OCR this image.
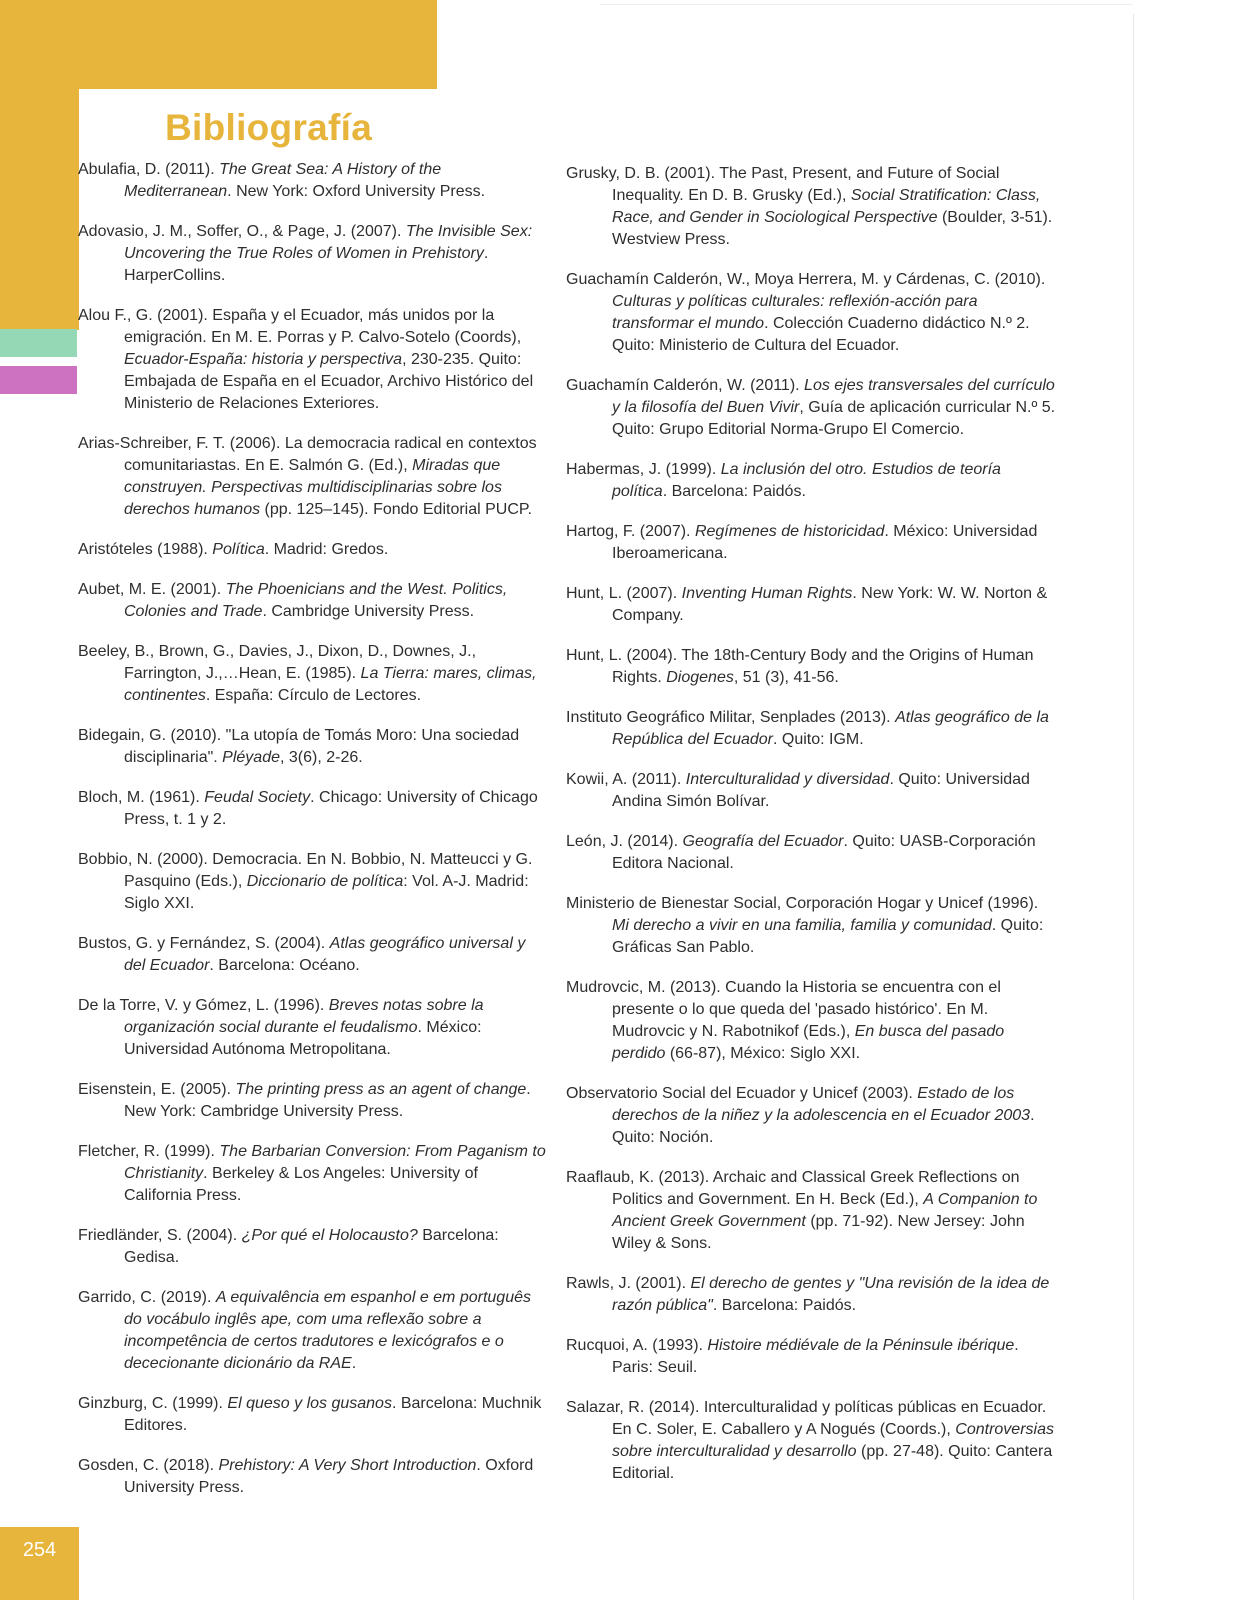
Bibliografía
Abulafia, D. (2011). The Great Sea: A History of the Mediterranean. New York: Oxford University Press.
Adovasio, J. M., Soffer, O., & Page, J. (2007). The Invisible Sex: Uncovering the True Roles of Women in Prehistory. HarperCollins.
Alou F., G. (2001). España y el Ecuador, más unidos por la emigración. En M. E. Porras y P. Calvo-Sotelo (Coords), Ecuador-España: historia y perspectiva, 230-235. Quito: Embajada de España en el Ecuador, Archivo Histórico del Ministerio de Relaciones Exteriores.
Arias-Schreiber, F. T. (2006). La democracia radical en contextos comunitariastas. En E. Salmón G. (Ed.), Miradas que construyen. Perspectivas multidisciplinarias sobre los derechos humanos (pp. 125–145). Fondo Editorial PUCP.
Aristóteles (1988). Política. Madrid: Gredos.
Aubet, M. E. (2001). The Phoenicians and the West. Politics, Colonies and Trade. Cambridge University Press.
Beeley, B., Brown, G., Davies, J., Dixon, D., Downes, J., Farrington, J.,…Hean, E. (1985). La Tierra: mares, climas, continentes. España: Círculo de Lectores.
Bidegain, G. (2010). "La utopía de Tomás Moro: Una sociedad disciplinaria". Pléyade, 3(6), 2-26.
Bloch, M. (1961). Feudal Society. Chicago: University of Chicago Press, t. 1 y 2.
Bobbio, N. (2000). Democracia. En N. Bobbio, N. Matteucci y G. Pasquino (Eds.), Diccionario de política: Vol. A-J. Madrid: Siglo XXI.
Bustos, G. y Fernández, S. (2004). Atlas geográfico universal y del Ecuador. Barcelona: Océano.
De la Torre, V. y Gómez, L. (1996). Breves notas sobre la organización social durante el feudalismo. México: Universidad Autónoma Metropolitana.
Eisenstein, E. (2005). The printing press as an agent of change. New York: Cambridge University Press.
Fletcher, R. (1999). The Barbarian Conversion: From Paganism to Christianity. Berkeley & Los Angeles: University of California Press.
Friedländer, S. (2004). ¿Por qué el Holocausto? Barcelona: Gedisa.
Garrido, C. (2019). A equivalência em espanhol e em português do vocábulo inglês ape, com uma reflexão sobre a incompetência de certos tradutores e lexicógrafos e o dececionante dicionário da RAE.
Ginzburg, C. (1999). El queso y los gusanos. Barcelona: Muchnik Editores.
Gosden, C. (2018). Prehistory: A Very Short Introduction. Oxford University Press.
Grusky, D. B. (2001). The Past, Present, and Future of Social Inequality. En D. B. Grusky (Ed.), Social Stratification: Class, Race, and Gender in Sociological Perspective (Boulder, 3-51). Westview Press.
Guachamín Calderón, W., Moya Herrera, M. y Cárdenas, C. (2010). Culturas y políticas culturales: reflexión-acción para transformar el mundo. Colección Cuaderno didáctico N.º 2. Quito: Ministerio de Cultura del Ecuador.
Guachamín Calderón, W. (2011). Los ejes transversales del currículo y la filosofía del Buen Vivir, Guía de aplicación curricular N.º 5. Quito: Grupo Editorial Norma-Grupo El Comercio.
Habermas, J. (1999). La inclusión del otro. Estudios de teoría política. Barcelona: Paidós.
Hartog, F. (2007). Regímenes de historicidad. México: Universidad Iberoamericana.
Hunt, L. (2007). Inventing Human Rights. New York: W. W. Norton & Company.
Hunt, L. (2004). The 18th-Century Body and the Origins of Human Rights. Diogenes, 51 (3), 41-56.
Instituto Geográfico Militar, Senplades (2013). Atlas geográfico de la República del Ecuador. Quito: IGM.
Kowii, A. (2011). Interculturalidad y diversidad. Quito: Universidad Andina Simón Bolívar.
León, J. (2014). Geografía del Ecuador. Quito: UASB-Corporación Editora Nacional.
Ministerio de Bienestar Social, Corporación Hogar y Unicef (1996). Mi derecho a vivir en una familia, familia y comunidad. Quito: Gráficas San Pablo.
Mudrovcic, M. (2013). Cuando la Historia se encuentra con el presente o lo que queda del 'pasado histórico'. En M. Mudrovcic y N. Rabotnikof (Eds.), En busca del pasado perdido (66-87), México: Siglo XXI.
Observatorio Social del Ecuador y Unicef (2003). Estado de los derechos de la niñez y la adolescencia en el Ecuador 2003. Quito: Noción.
Raaflaub, K. (2013). Archaic and Classical Greek Reflections on Politics and Government. En H. Beck (Ed.), A Companion to Ancient Greek Government (pp. 71-92). New Jersey: John Wiley & Sons.
Rawls, J. (2001). El derecho de gentes y "Una revisión de la idea de razón pública". Barcelona: Paidós.
Rucquoi, A. (1993). Histoire médiévale de la Péninsule ibérique. Paris: Seuil.
Salazar, R. (2014). Interculturalidad y políticas públicas en Ecuador. En C. Soler, E. Caballero y A Nogués (Coords.), Controversias sobre interculturalidad y desarrollo (pp. 27-48). Quito: Cantera Editorial.
254
